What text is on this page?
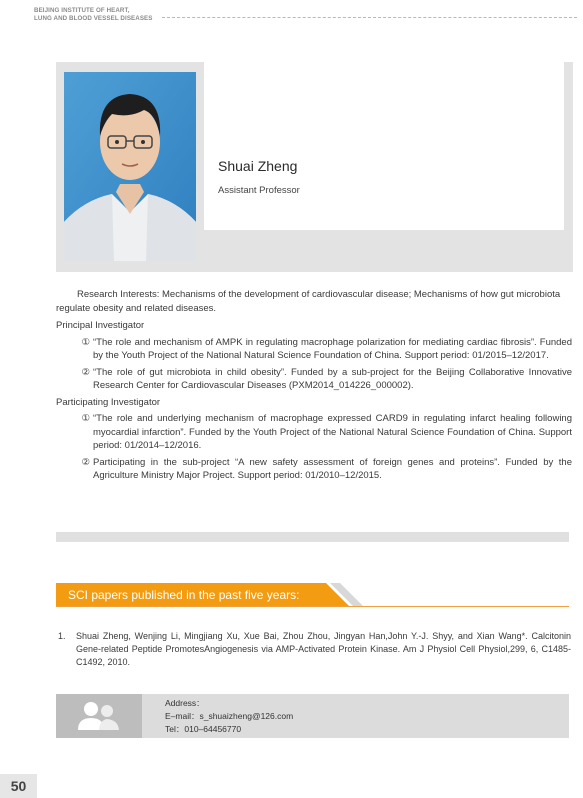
BEIJING INSTITUTE OF HEART,
LUNG AND BLOOD VESSEL DISEASES
Shuai Zheng
Assistant Professor

Research Interests: Mechanisms of the development of cardiovascular disease; Mechanisms of how gut microbiota regulate obesity and related diseases.

Principal Investigator

① “The role and mechanism of AMPK in regulating macrophage polarization for mediating cardiac fibrosis”. Funded by the Youth Project of the National Natural Science Foundation of China. Support period: 01/2015–12/2017.
② “The role of gut microbiota in child obesity”. Funded by a sub-project for the Beijing Collaborative Innovative Research Center for Cardiovascular Diseases (PXM2014_014226_000002).

Participating Investigator

① “The role and underlying mechanism of macrophage expressed CARD9 in regulating infarct healing following myocardial infarction”. Funded by the Youth Project of the National Natural Science Foundation of China. Support period: 01/2014–12/2016.
② Participating in the sub-project “A new safety assessment of foreign genes and proteins”. Funded by the Agriculture Ministry Major Project. Support period: 01/2010–12/2015.
SCI papers published in the past five years:
1.	Shuai Zheng, Wenjing Li, Mingjiang Xu, Xue Bai, Zhou Zhou, Jingyan Han,John Y.-J. Shyy, and Xian Wang*. Calcitonin Gene-related Peptide PromotesAngiogenesis via AMP-Activated Protein Kinase. Am J Physiol Cell Physiol,299, 6, C1485-C1492, 2010.
Address：
E–mail：s_shuaizheng@126.com
Tel：010–64456770
50
